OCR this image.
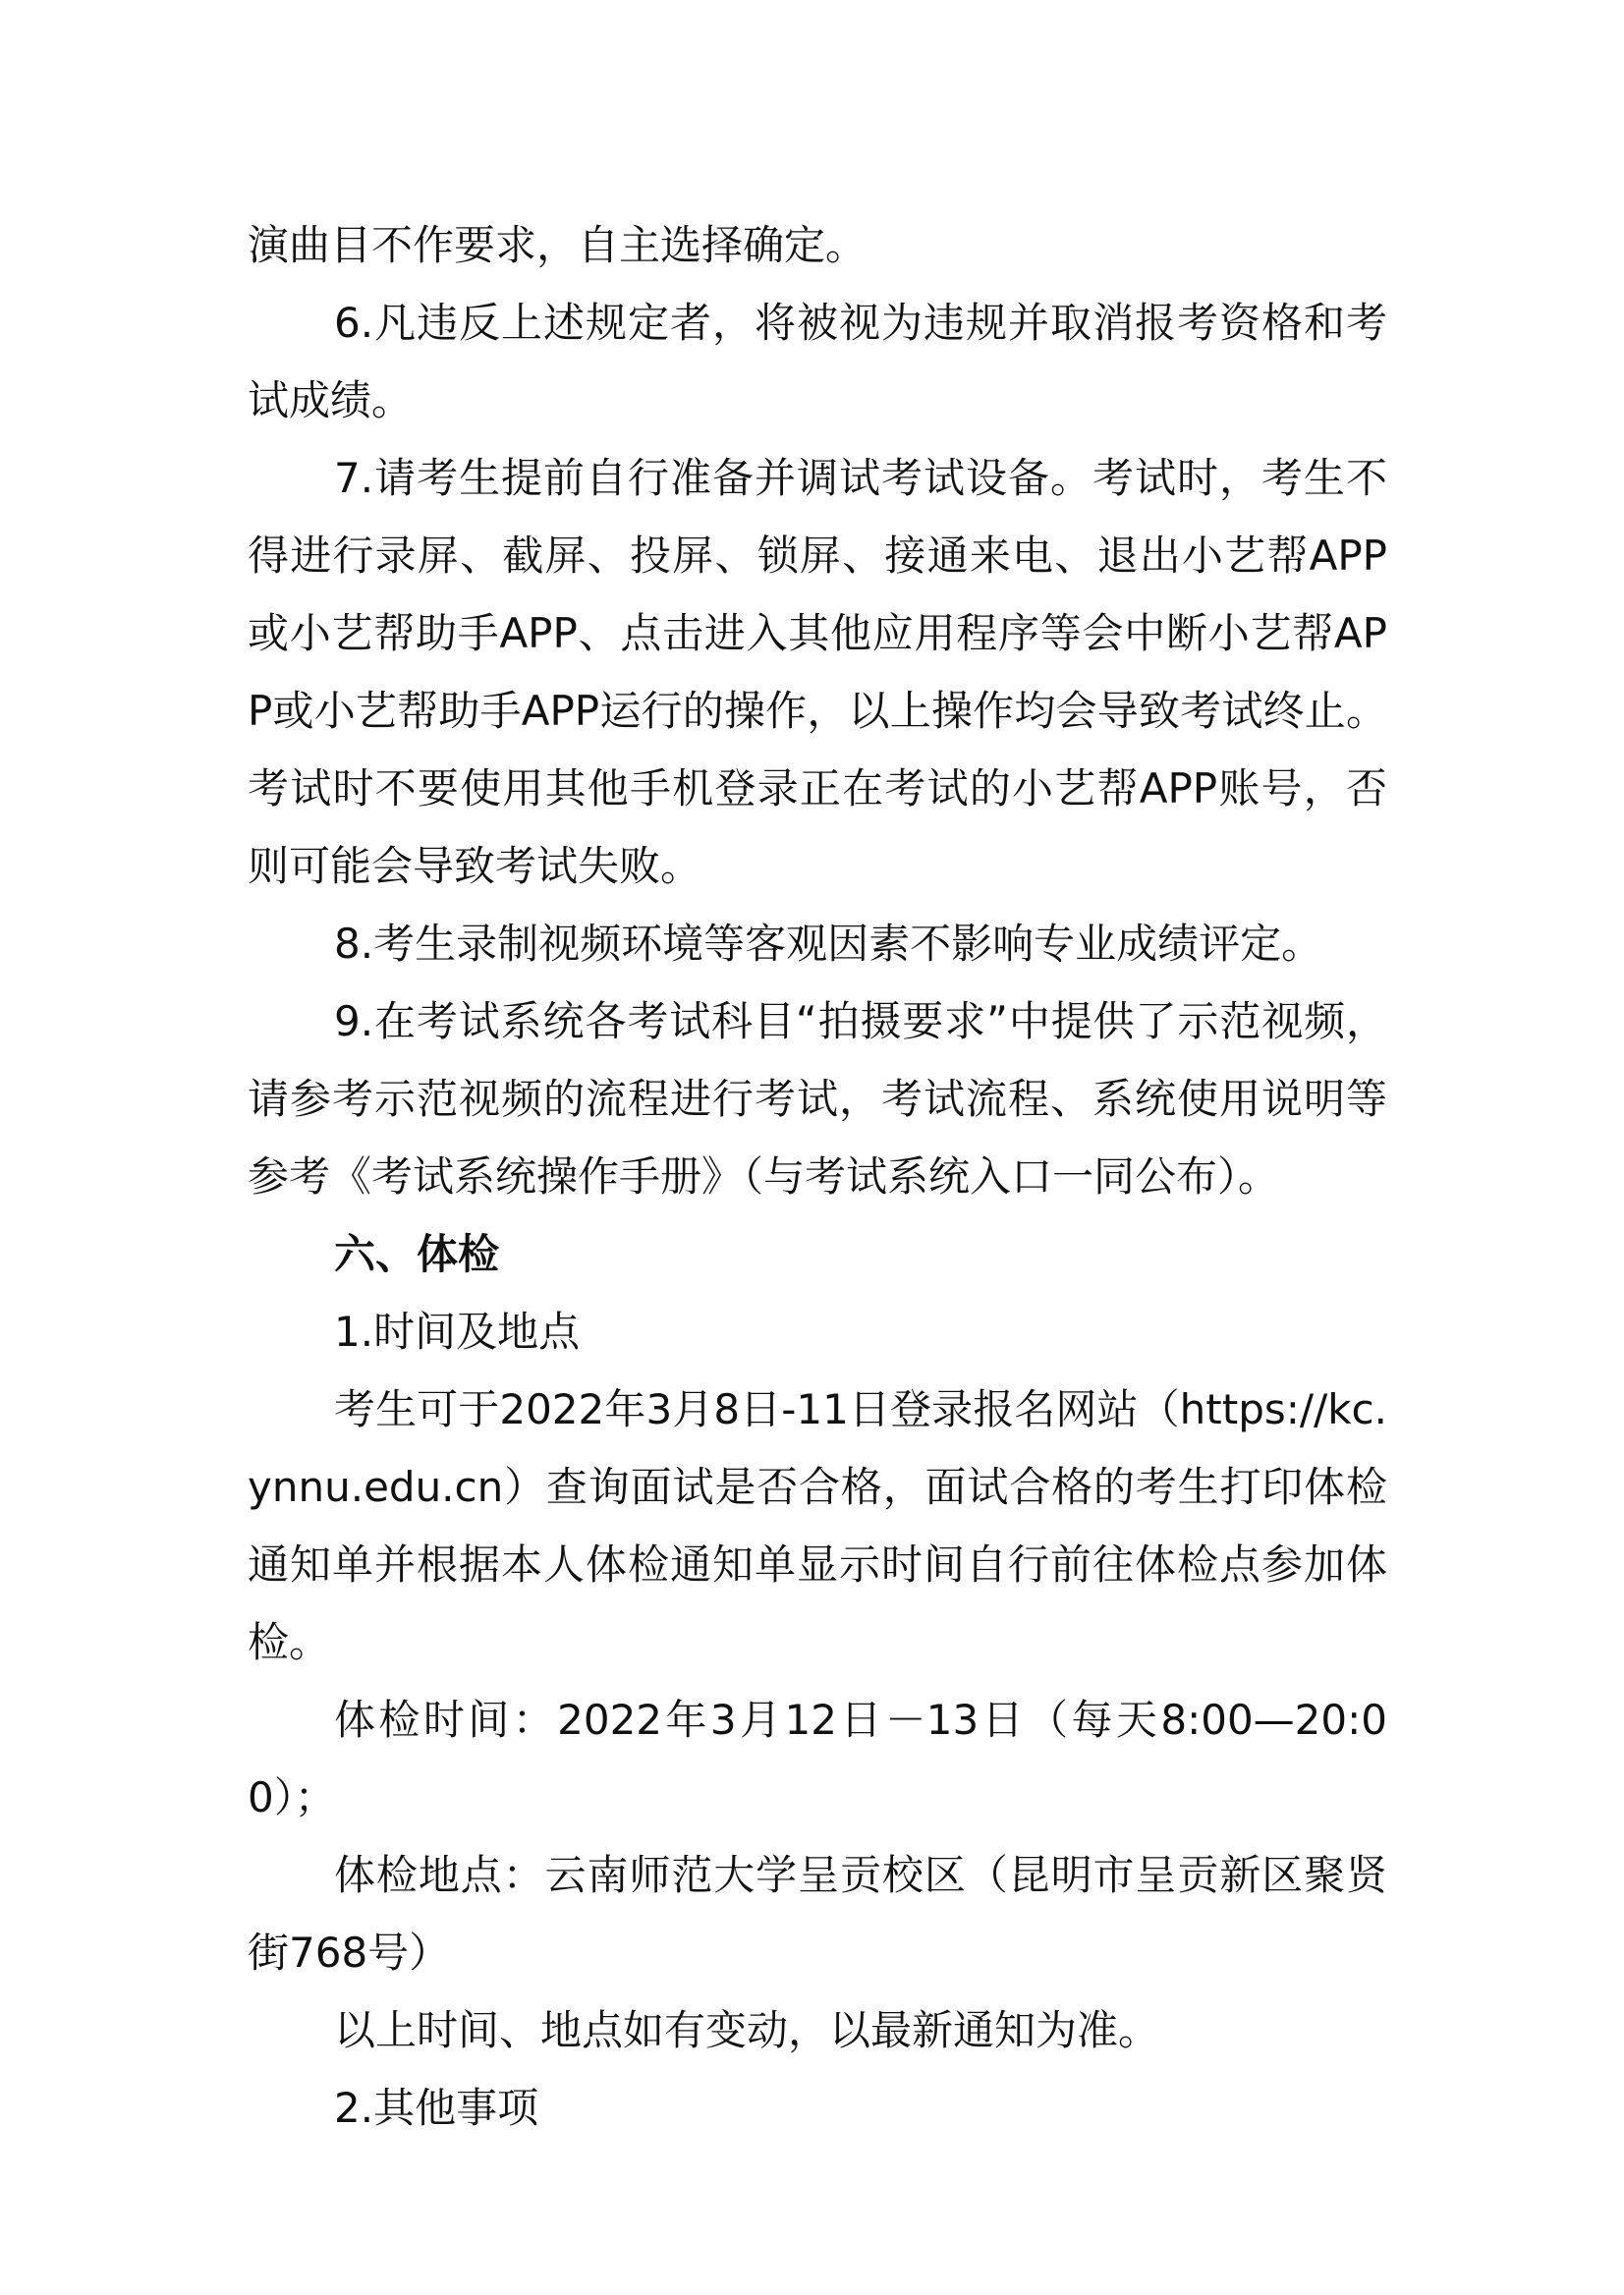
演曲目不作要求，自主选择确定。

6.凡违反上述规定者，将被视为违规并取消报考资格和考试成绩。

7.请考生提前自行准备并调试考试设备。考试时，考生不得进行录屏、截屏、投屏、锁屏、接通来电、退出小艺帮APP或小艺帮助手APP、点击进入其他应用程序等会中断小艺帮APP或小艺帮助手APP运行的操作，以上操作均会导致考试终止。考试时不要使用其他手机登录正在考试的小艺帮APP账号，否则可能会导致考试失败。

8.考生录制视频环境等客观因素不影响专业成绩评定。

9.在考试系统各考试科目“拍摄要求”中提供了示范视频，请参考示范视频的流程进行考试，考试流程、系统使用说明等参考《考试系统操作手册》（与考试系统入口一同公布）。

六、体检

1.时间及地点

考生可于2022年3月8日-11日登录报名网站（https://kc.ynnu.edu.cn）查询面试是否合格，面试合格的考生打印体检通知单并根据本人体检通知单显示时间自行前往体检点参加体检。

体检时间：2022年3月12日－13日（每天8:00—20:00）；

体检地点：云南师范大学呈贡校区（昆明市呈贡新区聚贤街768号）

以上时间、地点如有变动，以最新通知为准。

2.其他事项
